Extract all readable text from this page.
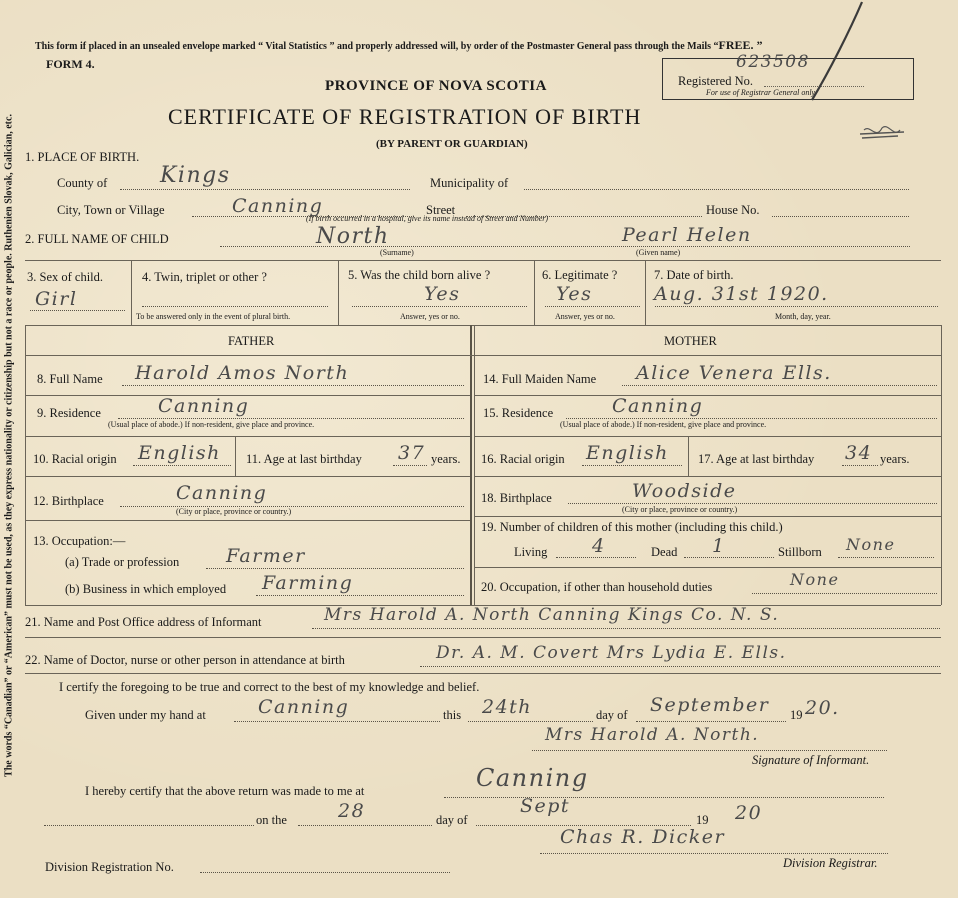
The words “Canadian” or “American” must not be used, as they express nationality or citizenship but not a race or people. Ruthenien Slovak, Galician, etc.
This form if placed in an unsealed envelope marked “ Vital Statistics ” and properly addressed will, by order of the Postmaster General pass through the Mails “FREE. ”
FORM 4.
Registered No.
623508
For use of Registrar General only.
PROVINCE OF NOVA SCOTIA
CERTIFICATE OF REGISTRATION OF BIRTH
(BY PARENT OR GUARDIAN)
1. PLACE OF BIRTH.
County of Kings	Municipality of
City, Town or Village	Canning	Street	House No.
(If birth occurred in a hospital, give its name instead of Street and Number)
2. FULL NAME OF CHILD	North
(Surname)
Pearl Helen
(Given name)
3. Sex of child.
Girl
4. Twin, triplet or other ?
To be answered only in the event of plural birth.
5. Was the child born alive ?
Yes
Answer, yes or no.
6. Legitimate ?
Yes
Answer, yes or no.
7. Date of birth.
Aug. 31st 1920.
Month, day, year.
FATHER	MOTHER
8. Full Name Harold Amos North
9. Residence	Canning
(Usual place of abode.) If non-resident, give place and province.
10. Racial origin English 11. Age at last birthday 37 years.
12. Birthplace	Canning
(City or place, province or country.)
13. Occupation:—
(a) Trade or profession Farmer
(b) Business in which employed Farming
14. Full Maiden Name Alice Venera Ells.
15. Residence	Canning
(Usual place of abode.) If non-resident, give place and province.
16. Racial origin English 17. Age at last birthday 34 years.
18. Birthplace	Woodside
(City or place, province or country.)
19. Number of children of this mother (including this child.)
Living 4	Dead 1	Stillborn None
20. Occupation, if other than household duties	None
21. Name and Post Office address of Informant	Mrs Harold A. North Canning Kings Co. N. S.
22. Name of Doctor, nurse or other person in attendance at birth	Dr. A. M. Covert Mrs Lydia E. Ells.
I certify the foregoing to be true and correct to the best of my knowledge and belief.
Given under my hand at	Canning	this 24th	day of September 19 20.
Mrs Harold A. North.
Signature of Informant.
I hereby certify that the above return was made to me at	Canning
on the	28	day of
Sept
19 20
Division Registration No.
Chas R. Dicker
Division Registrar.
